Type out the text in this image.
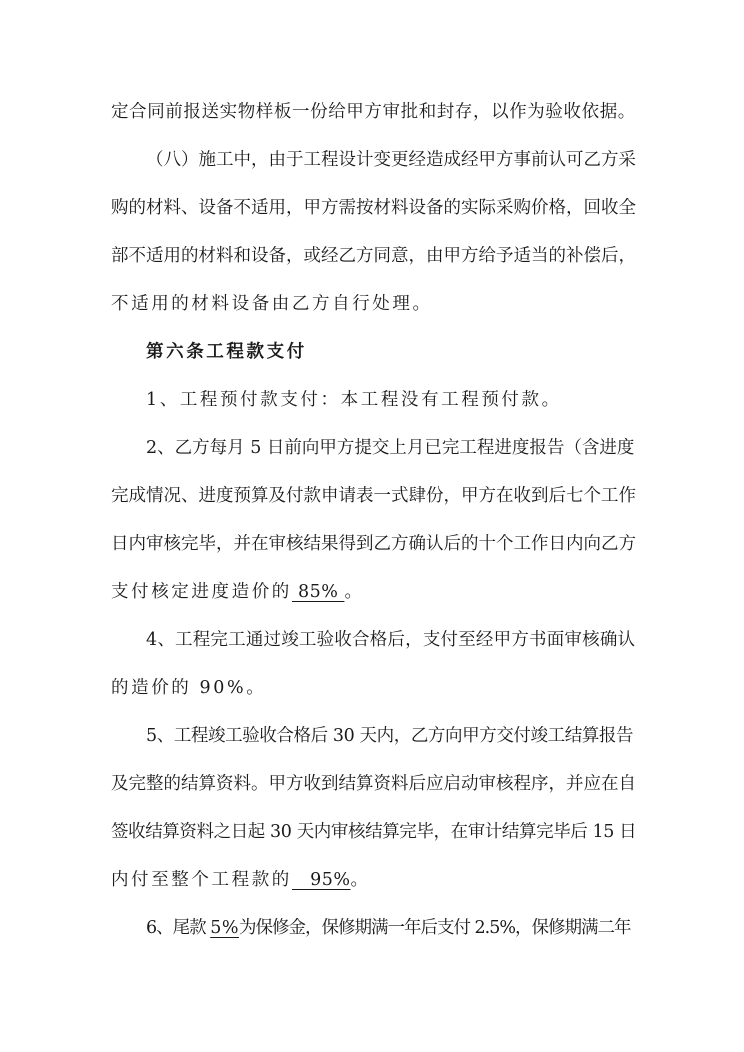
定合同前报送实物样板一份给甲方审批和封存，以作为验收依据。
（八）施工中，由于工程设计变更经造成经甲方事前认可乙方采
购的材料、设备不适用，甲方需按材料设备的实际采购价格，回收全
部不适用的材料和设备，或经乙方同意，由甲方给予适当的补偿后，
不适用的材料设备由乙方自行处理。
第六条工程款支付
1、工程预付款支付：本工程没有工程预付款。
2、乙方每月 5 日前向甲方提交上月已完工程进度报告（含进度
完成情况、进度预算及付款申请表一式肆份，甲方在收到后七个工作
日内审核完毕，并在审核结果得到乙方确认后的十个工作日内向乙方
支付核定进度造价的 85% 。
4、工程完工通过竣工验收合格后，支付至经甲方书面审核确认
的造价的 90%。
5、工程竣工验收合格后 30 天内，乙方向甲方交付竣工结算报告
及完整的结算资料。甲方收到结算资料后应启动审核程序，并应在自
签收结算资料之日起 30 天内审核结算完毕，在审计结算完毕后 15 日
内付至整个工程款的   95%。
6、尾款 5%为保修金，保修期满一年后支付 2.5%，保修期满二年
